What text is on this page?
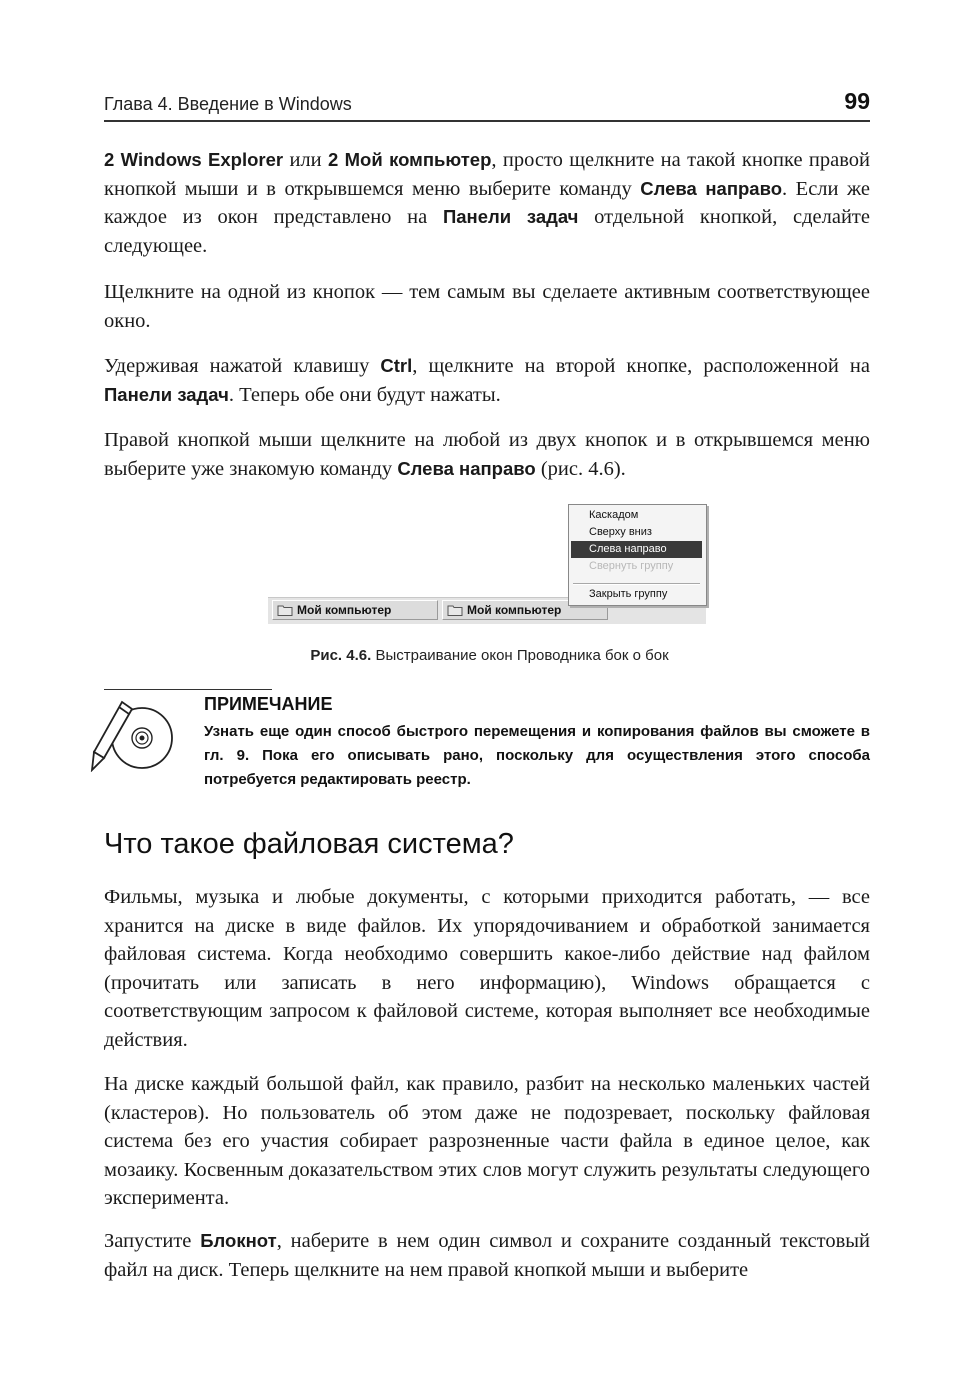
Глава 4. Введение в Windows	99

2 Windows Explorer или 2 Мой компьютер, просто щелкните на такой кнопке правой кнопкой мыши и в открывшемся меню выберите команду Слева направо. Если же каждое из окон представлено на Панели задач отдельной кнопкой, сделайте следующее.

Щелкните на одной из кнопок — тем самым вы сделаете активным соответствующее окно.

Удерживая нажатой клавишу Ctrl, щелкните на второй кнопке, расположенной на Панели задач. Теперь обе они будут нажаты.

Правой кнопкой мыши щелкните на любой из двух кнопок и в открывшемся меню выберите уже знакомую команду Слева направо (рис. 4.6).

Мой компьютер	Мой компьютер
Каскадом
Сверху вниз
Слева направо
Свернуть группу
Закрыть группу
Рис. 4.6. Выстраивание окон Проводника бок о бок
ПРИМЕЧАНИЕ

Узнать еще один способ быстрого перемещения и копирования файлов вы сможете в гл. 9. Пока его описывать рано, поскольку для осуществления этого способа потребуется редактировать реестр.

Что такое файловая система?

Фильмы, музыка и любые документы, с которыми приходится работать, — все хранится на диске в виде файлов. Их упорядочиванием и обработкой занимается файловая система. Когда необходимо совершить какое-либо действие над файлом (прочитать или записать в него информацию), Windows обращается с соответствующим запросом к файловой системе, которая выполняет все необходимые действия.

На диске каждый большой файл, как правило, разбит на несколько маленьких частей (кластеров). Но пользователь об этом даже не подозревает, поскольку файловая система без его участия собирает разрозненные части файла в единое целое, как мозаику. Косвенным доказательством этих слов могут служить результаты следующего эксперимента.

Запустите Блокнот, наберите в нем один символ и сохраните созданный текстовый файл на диск. Теперь щелкните на нем правой кнопкой мыши и выберите
